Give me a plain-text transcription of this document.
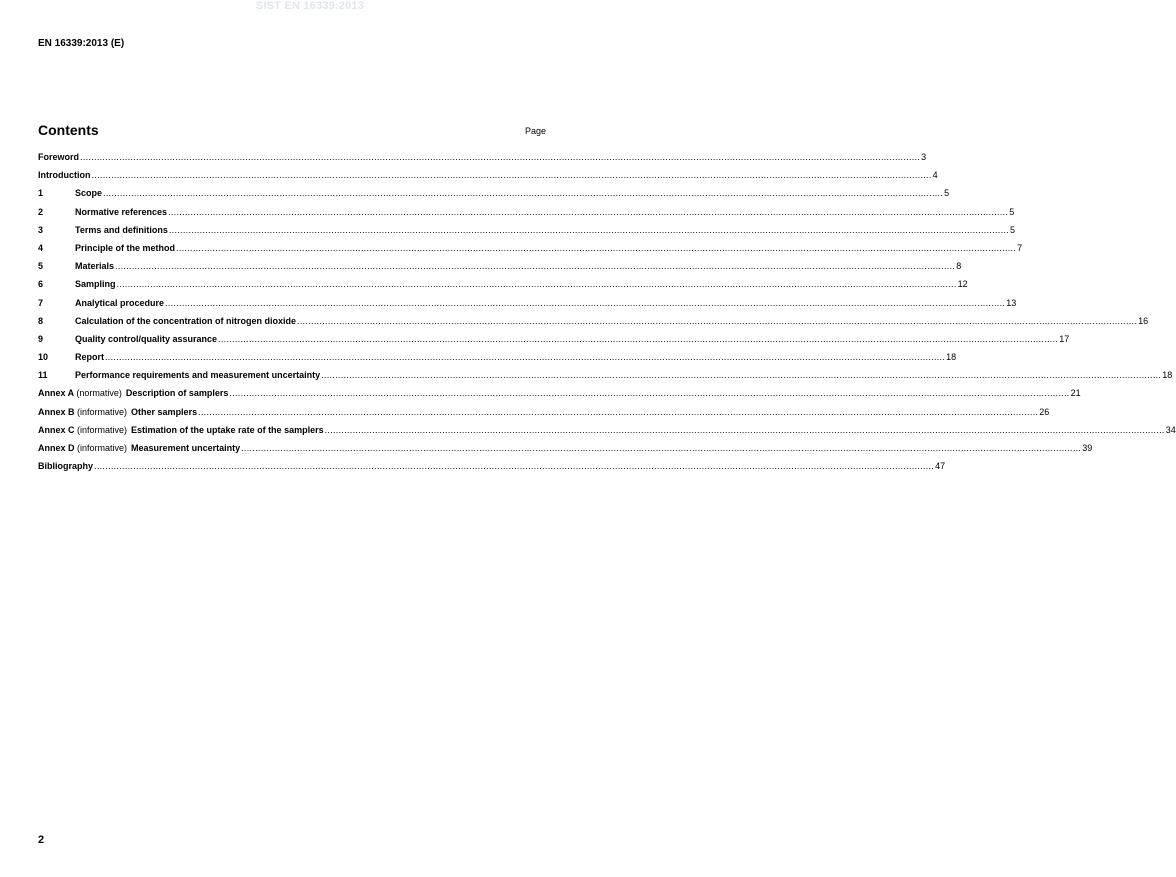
SIST EN 16339:2013
EN 16339:2013 (E)
Contents	Page
Foreword ............................................................................................................................................................................................................................................................................................................ 3
Introduction ............................................................................................................................................................................................................................................................................................................ 4
1	Scope ............................................................................................................................................................................................................................................................................................................ 5
2	Normative references ............................................................................................................................................................................................................................................................................................................ 5
3	Terms and definitions ............................................................................................................................................................................................................................................................................................................ 5
4	Principle of the method ............................................................................................................................................................................................................................................................................................................ 7
5	Materials ............................................................................................................................................................................................................................................................................................................ 8
6	Sampling ............................................................................................................................................................................................................................................................................................................ 12
7	Analytical procedure ............................................................................................................................................................................................................................................................................................................ 13
8	Calculation of the concentration of nitrogen dioxide ............................................................................................................................................................................................................................................................................................................ 16
9	Quality control/quality assurance ............................................................................................................................................................................................................................................................................................................ 17
10	Report ............................................................................................................................................................................................................................................................................................................ 18
11	Performance requirements and measurement uncertainty ............................................................................................................................................................................................................................................................................................................ 18
Annex A (normative) Description of samplers ............................................................................................................................................................................................................................................................................................................ 21
Annex B (informative) Other samplers ............................................................................................................................................................................................................................................................................................................ 26
Annex C (informative) Estimation of the uptake rate of the samplers ............................................................................................................................................................................................................................................................................................................ 34
Annex D (informative) Measurement uncertainty ............................................................................................................................................................................................................................................................................................................ 39
Bibliography ............................................................................................................................................................................................................................................................................................................ 47
2
